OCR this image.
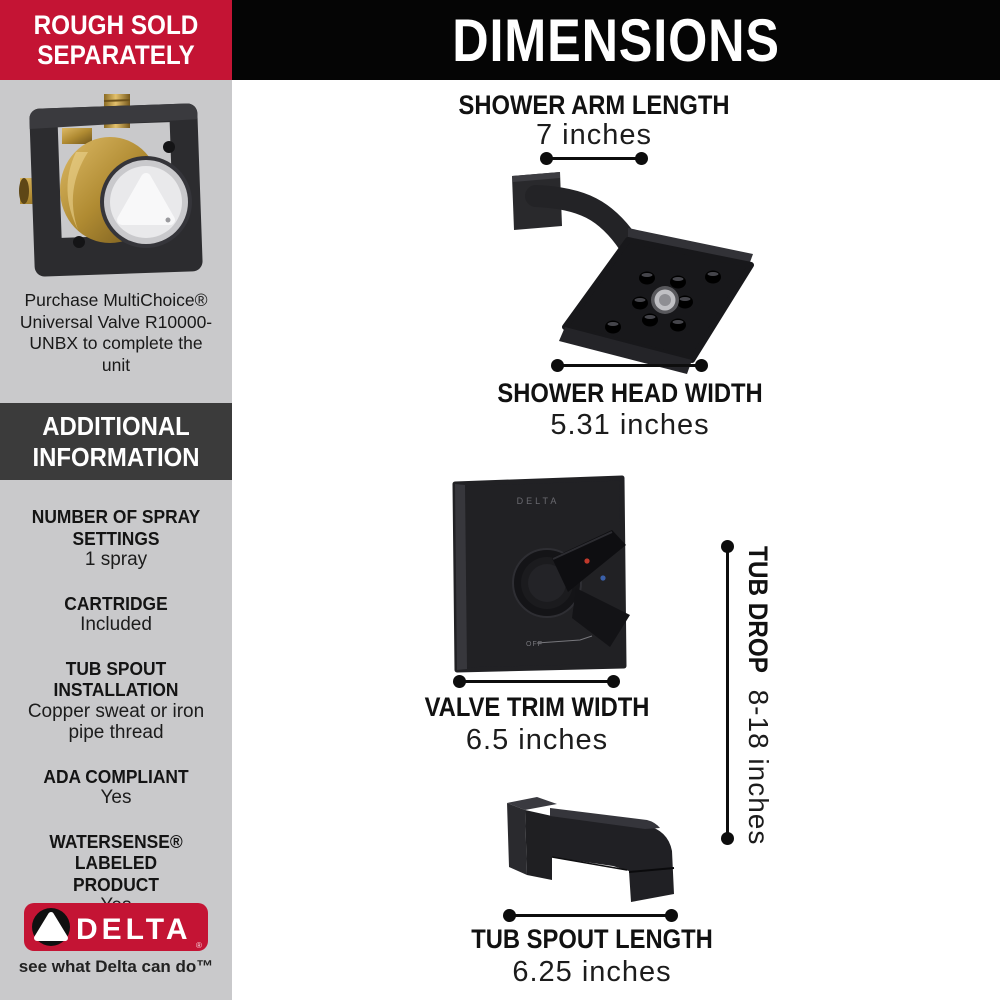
ROUGH SOLD SEPARATELY
Purchase MultiChoice® Universal Valve R10000-UNBX to complete the unit
ADDITIONAL INFORMATION
NUMBER OF SPRAY SETTINGS
1 spray
CARTRIDGE
Included
TUB SPOUT INSTALLATION
Copper sweat or iron pipe thread
ADA COMPLIANT
Yes
WATERSENSE® LABELED PRODUCT
DELTA ®
see what Delta can do™
DIMENSIONS
SHOWER ARM LENGTH
7 inches
SHOWER HEAD WIDTH
5.31 inches
DELTA
OFF
VALVE TRIM WIDTH
6.5 inches
TUB DROP
8-18 inches
TUB SPOUT LENGTH
6.25 inches
